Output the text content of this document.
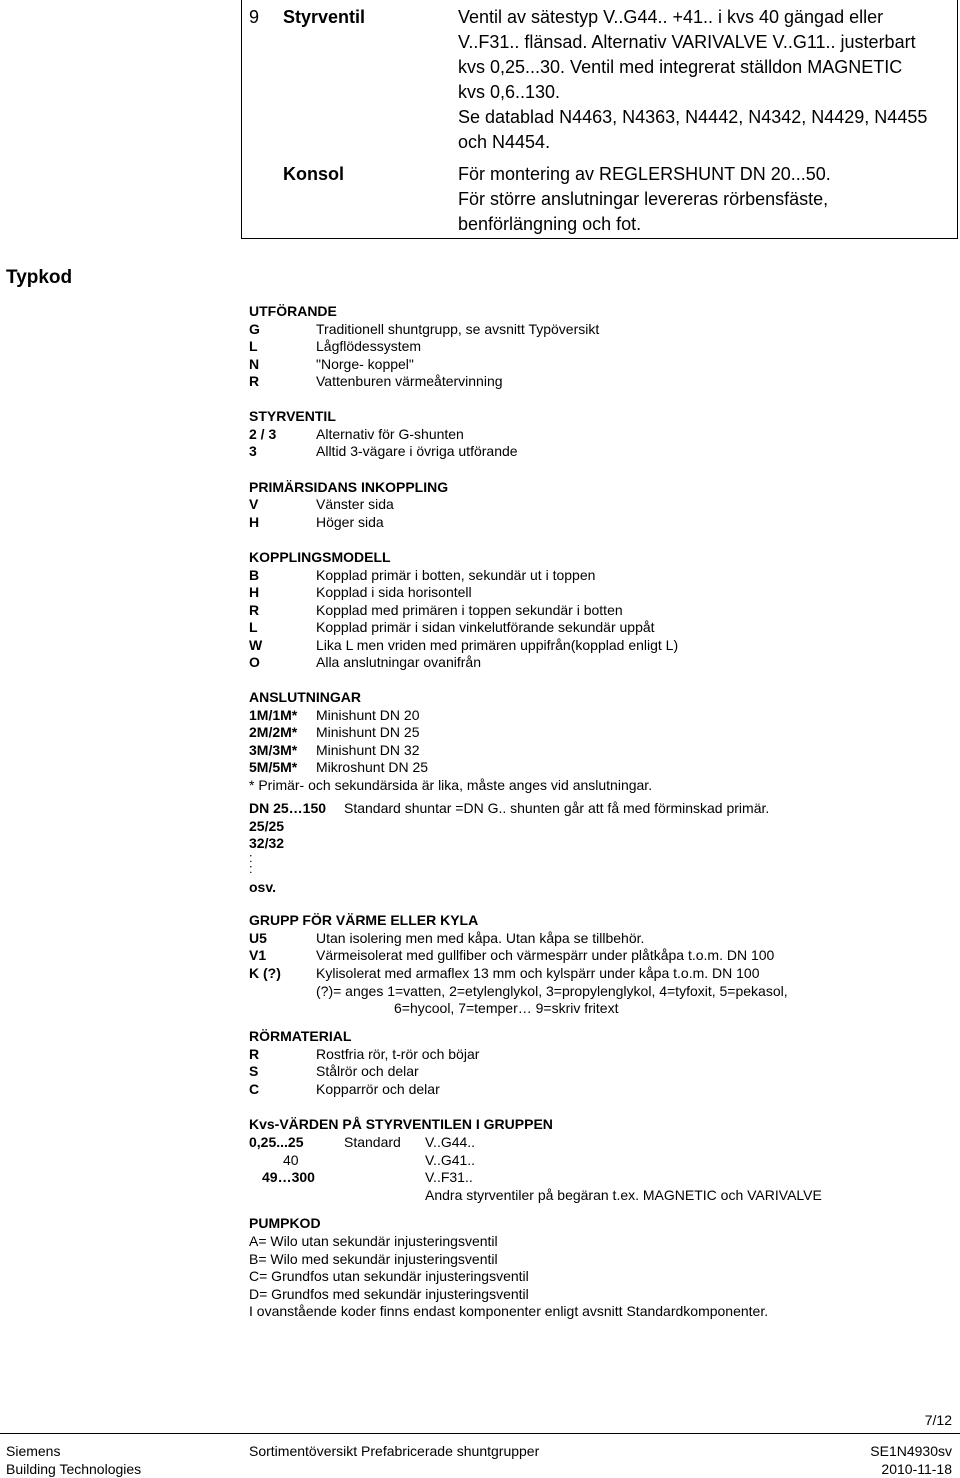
9 Styrventil	Ventil av sätestyp V..G44.. +41.. i kvs 40 gängad eller
V..F31.. flänsad. Alternativ VARIVALVE V..G11.. justerbart
kvs 0,25...30. Ventil med integrerat ställdon MAGNETIC
kvs 0,6..130.
Se datablad N4463, N4363, N4442, N4342, N4429, N4455
och N4454.
Konsol	För montering av REGLERSHUNT DN 20...50.
För större anslutningar levereras rörbensfäste,
benförlängning och fot.
Typkod
UTFÖRANDE
G	Traditionell shuntgrupp, se avsnitt Typöversikt
L	Lågflödessystem
N	"Norge- koppel"
R	Vattenburen värmeåtervinning
STYRVENTIL
2 / 3	Alternativ för G-shunten
3	Alltid 3-vägare i övriga utförande
PRIMÄRSIDANS INKOPPLING
V	Vänster sida
H	Höger sida
KOPPLINGSMODELL
B	Kopplad primär i botten, sekundär ut i toppen
H	Kopplad i sida horisontell
R	Kopplad med primären i toppen sekundär i botten
L	Kopplad primär i sidan vinkelutförande sekundär uppåt
W	Lika L men vriden med primären uppifrån(kopplad enligt L)
O	Alla anslutningar ovanifrån
ANSLUTNINGAR
1M/1M* Minishunt DN 20
2M/2M* Minishunt DN 25
3M/3M* Minishunt DN 32
5M/5M* Mikroshunt DN 25
* Primär- och sekundärsida är lika, måste anges vid anslutningar.
DN 25…150 Standard shuntar =DN G.. shunten går att få med förminskad primär.
25/25
32/32
:
:
osv.
GRUPP FÖR VÄRME ELLER KYLA
U5	Utan isolering men med kåpa. Utan kåpa se tillbehör.
V1	Värmeisolerat med gullfiber och värmespärr under plåtkåpa t.o.m. DN 100
K (?)	Kylisolerat med armaflex 13 mm och kylspärr under kåpa t.o.m. DN 100
(?)= anges 1=vatten, 2=etylenglykol, 3=propylenglykol, 4=tyfoxit, 5=pekasol,
6=hycool, 7=temper… 9=skriv fritext
RÖRMATERIAL
R	Rostfria rör, t-rör och böjar
S	Stålrör och delar
C	Kopparrör och delar
Kvs-VÄRDEN PÅ STYRVENTILEN I GRUPPEN
0,25...25	Standard V..G44..
40	V..G41..
49…300	V..F31..
Andra styrventiler på begäran t.ex. MAGNETIC och VARIVALVE
PUMPKOD
A= Wilo utan sekundär injusteringsventil
B= Wilo med sekundär injusteringsventil
C= Grundfos utan sekundär injusteringsventil
D= Grundfos med sekundär injusteringsventil
I ovanstående koder finns endast komponenter enligt avsnitt Standardkomponenter.
7/12
Siemens
Building Technologies
Sortimentöversikt Prefabricerade shuntgrupper	SE1N4930sv
2010-11-18
